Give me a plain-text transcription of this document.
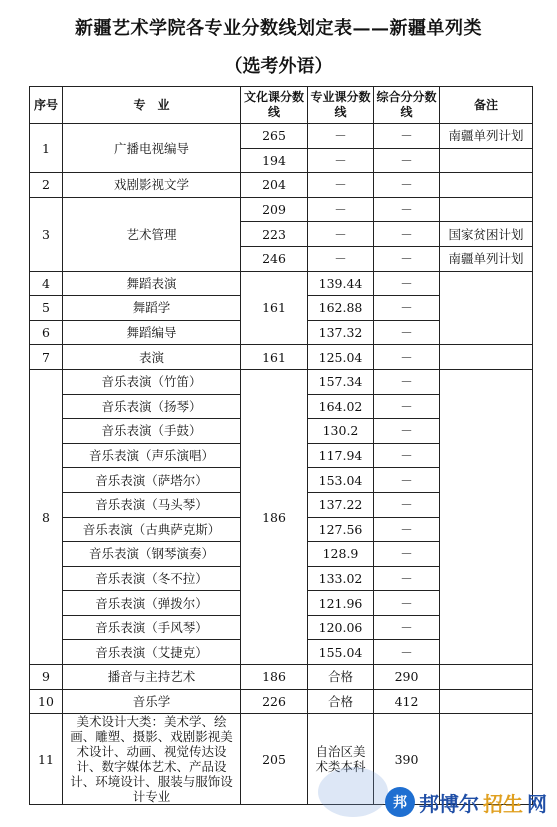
新疆艺术学院各专业分数线划定表——新疆单列类
（选考外语）
序号	专　业	文化课分数线	专业课分数线	综合分分数线	备注
1	广播电视编导	265	－	－	南疆单列计划
		194	－	－	
2	戏剧影视文学	204	－	－	
3	艺术管理	209	－	－	
		223	－	－	国家贫困计划
		246	－	－	南疆单列计划
4	舞蹈表演	161	139.44	－	
5	舞蹈学		162.88	－	
6	舞蹈编导		137.32	－	
7	表演	161	125.04	－	
8	音乐表演（竹笛）	186	157.34	－	
	音乐表演（扬琴）		164.02	－	
	音乐表演（手鼓）		130.2	－	
	音乐表演（声乐演唱）		117.94	－	
	音乐表演（萨塔尔）		153.04	－	
	音乐表演（马头琴）		137.22	－	
	音乐表演（古典萨克斯）		127.56	－	
	音乐表演（钢琴演奏）		128.9	－	
	音乐表演（冬不拉）		133.02	－	
	音乐表演（弹拨尔）		121.96	－	
	音乐表演（手风琴）		120.06	－	
	音乐表演（艾捷克）		155.04	－	
9	播音与主持艺术	186	合格	290	
10	音乐学	226	合格	412	
11	美术设计大类：美术学、绘画、雕塑、摄影、戏剧影视美术设计、动画、视觉传达设计、数字媒体艺术、产品设计、环境设计、服装与服饰设计专业	205	自治区美术类本科	390	
邦 邦博尔 招生 网
